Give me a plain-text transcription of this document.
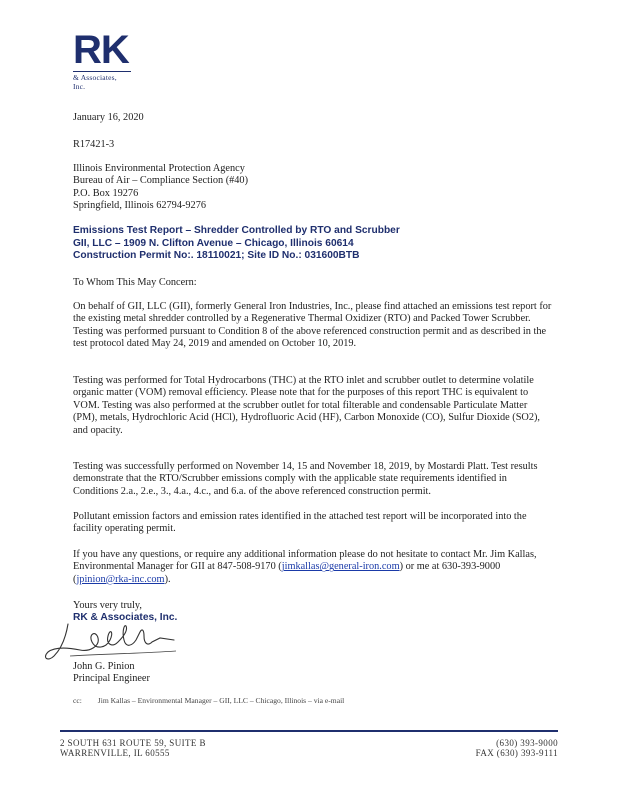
RK
& Associates, Inc.
January 16, 2020
R17421-3
Illinois Environmental Protection Agency
Bureau of Air – Compliance Section (#40)
P.O. Box 19276
Springfield, Illinois 62794-9276
Emissions Test Report – Shredder Controlled by RTO and Scrubber
GII, LLC – 1909 N. Clifton Avenue – Chicago, Illinois 60614
Construction Permit No:. 18110021; Site ID No.: 031600BTB
To Whom This May Concern:
On behalf of GII, LLC (GII), formerly General Iron Industries, Inc., please find attached an emissions test report for the existing metal shredder controlled by a Regenerative Thermal Oxidizer (RTO) and Packed Tower Scrubber. Testing was performed pursuant to Condition 8 of the above referenced construction permit and as described in the test protocol dated May 24, 2019 and amended on October 10, 2019.
Testing was performed for Total Hydrocarbons (THC) at the RTO inlet and scrubber outlet to determine volatile organic matter (VOM) removal efficiency. Please note that for the purposes of this report THC is equivalent to VOM. Testing was also performed at the scrubber outlet for total filterable and condensable Particulate Matter (PM), metals, Hydrochloric Acid (HCl), Hydrofluoric Acid (HF), Carbon Monoxide (CO), Sulfur Dioxide (SO2), and opacity.
Testing was successfully performed on November 14, 15 and November 18, 2019, by Mostardi Platt. Test results demonstrate that the RTO/Scrubber emissions comply with the applicable state requirements identified in Conditions 2.a., 2.e., 3., 4.a., 4.c., and 6.a. of the above referenced construction permit.
Pollutant emission factors and emission rates identified in the attached test report will be incorporated into the facility operating permit.
If you have any questions, or require any additional information please do not hesitate to contact Mr. Jim Kallas, Environmental Manager for GII at 847-508-9170 (jimkallas@general-iron.com) or me at 630-393-9000 (jpinion@rka-inc.com).
Yours very truly,
RK & Associates, Inc.
John G. Pinion
Principal Engineer
cc: Jim Kallas – Environmental Manager – GII, LLC – Chicago, Illinois – via e-mail
2 SOUTH 631 ROUTE 59, SUITE B
WARRENVILLE, IL 60555
(630) 393-9000
FAX (630) 393-9111
